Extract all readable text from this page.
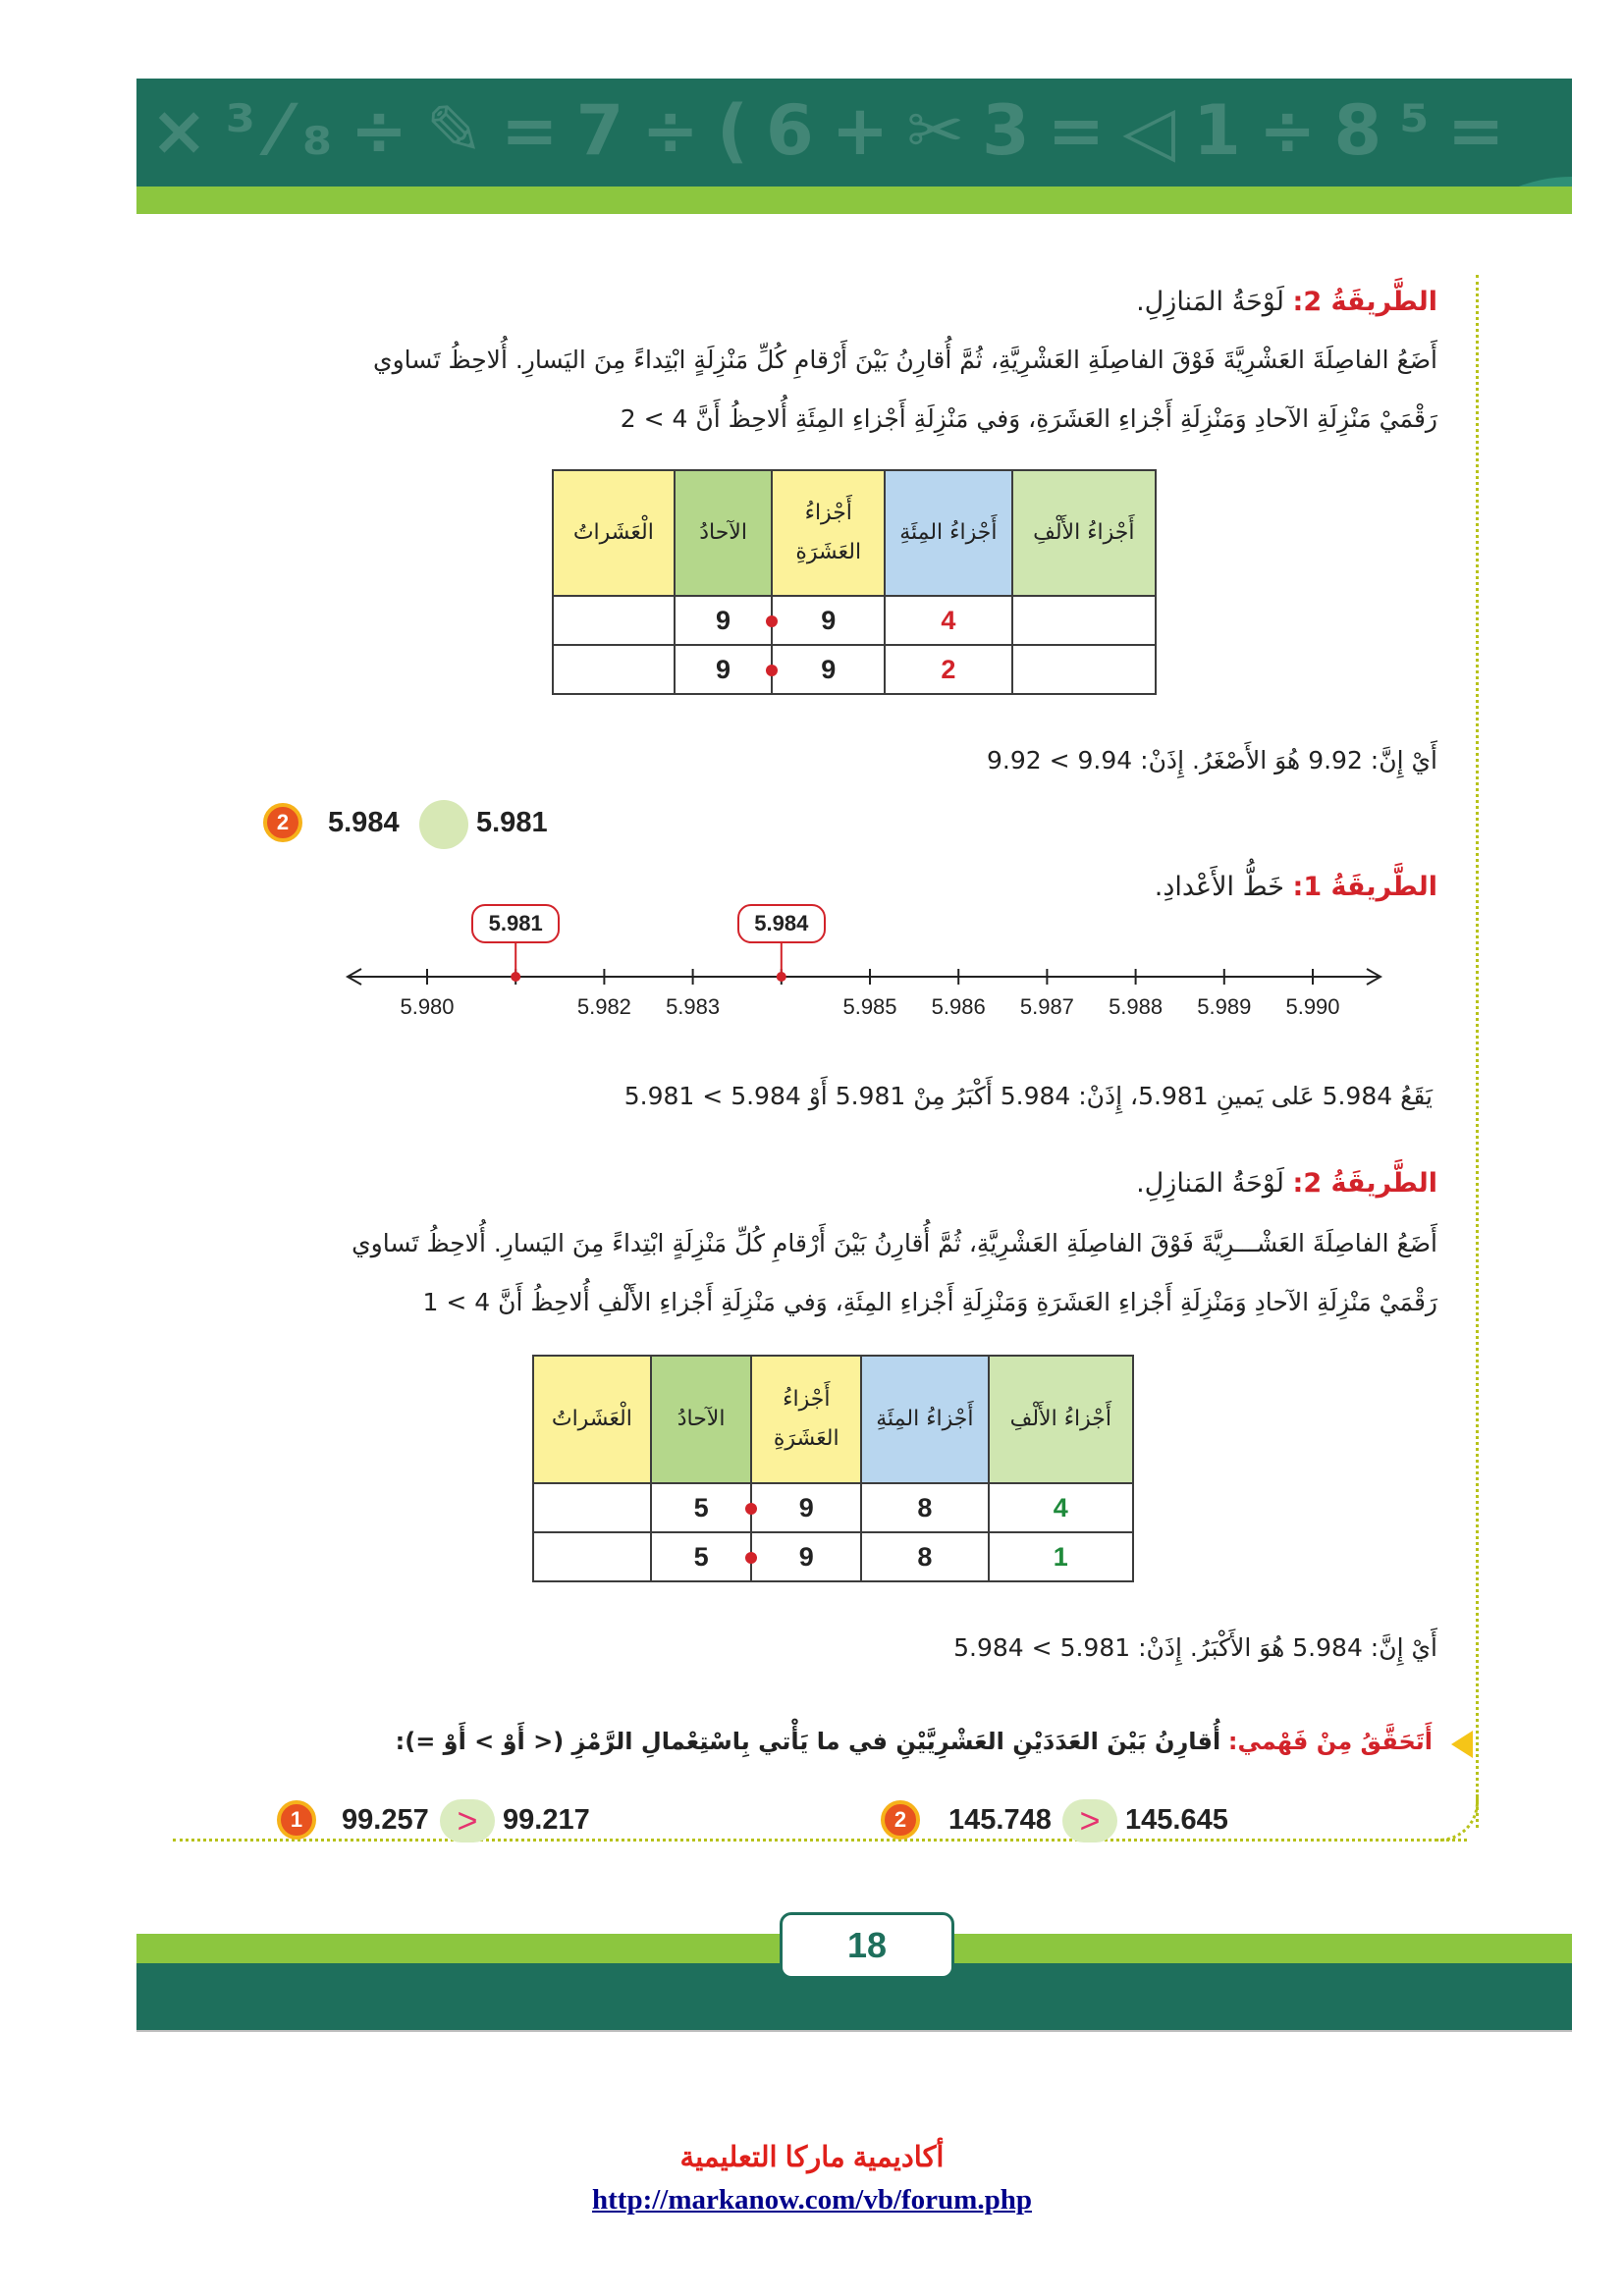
×³⁄₈÷✎=7÷(6+✂3=◁1÷8⁵=
الطَّريقَةُ 2: لَوْحَةُ المَنازِلِ.
أَضَعُ الفاصِلَةَ العَشْرِيَّةَ فَوْقَ الفاصِلَةِ العَشْرِيَّةِ، ثُمَّ أُقارِنُ بَيْنَ أَرْقامِ كُلِّ مَنْزِلَةٍ ابْتِداءً مِنَ اليَسارِ. أُلاحِظُ تَساوي
رَقْمَيْ مَنْزِلَةِ الآحادِ وَمَنْزِلَةِ أَجْزاءِ العَشَرَةِ، وَفي مَنْزِلَةِ أَجْزاءِ المِئَةِ أُلاحِظُ أَنَّ 4 > 2
الْعَشَراتُ	الآحادُ	أَجْزاءُ العَشَرَةِ	أَجْزاءُ المِئَةِ	أَجْزاءُ الأَلْفِ
	9	9	4	
	9	9	2	
أَيْ إِنَّ: 9.92 هُوَ الأَصْغَرُ. إِذَنْ: 9.94 > 9.92
2	5.984	5.981
الطَّريقَةُ 1: خَطُّ الأَعْدادِ.
5.980	5.982 5.983	5.985 5.986 5.987 5.988 5.989 5.990
5.981	5.984
يَقَعُ 5.984 عَلى يَمينِ 5.981، إِذَنْ: 5.984 أَكْبَرُ مِنْ 5.981 أَوْ 5.984 > 5.981
الطَّريقَةُ 2: لَوْحَةُ المَنازِلِ.
أَضَعُ الفاصِلَةَ العَشْـــرِيَّةَ فَوْقَ الفاصِلَةِ العَشْرِيَّةِ، ثُمَّ أُقارِنُ بَيْنَ أَرْقامِ كُلِّ مَنْزِلَةٍ ابْتِداءً مِنَ اليَسارِ. أُلاحِظُ تَساوي
رَقْمَيْ مَنْزِلَةِ الآحادِ وَمَنْزِلَةِ أَجْزاءِ العَشَرَةِ وَمَنْزِلَةِ أَجْزاءِ المِئَةِ، وَفي مَنْزِلَةِ أَجْزاءِ الأَلْفِ أُلاحِظُ أَنَّ 4 > 1
الْعَشَراتُ	الآحادُ	أَجْزاءُ العَشَرَةِ	أَجْزاءُ المِئَةِ	أَجْزاءُ الأَلْفِ
	5	9	8	4
	5	9	8	1
أَيْ إِنَّ: 5.984 هُوَ الأَكْبَرُ. إِذَنْ: 5.981 > 5.984
أَتَحَقَّقُ مِنْ فَهْمي: أُقارِنُ بَيْنَ العَدَدَيْنِ العَشْرِيَّيْنِ في ما يَأْتي بِاسْتِعْمالِ الرَّمْزِ (< أَوْ > أَوْ =):
1	99.257 > 99.217	2	145.748 > 145.645
18
أكاديمية ماركا التعليمية
http://markanow.com/vb/forum.php
